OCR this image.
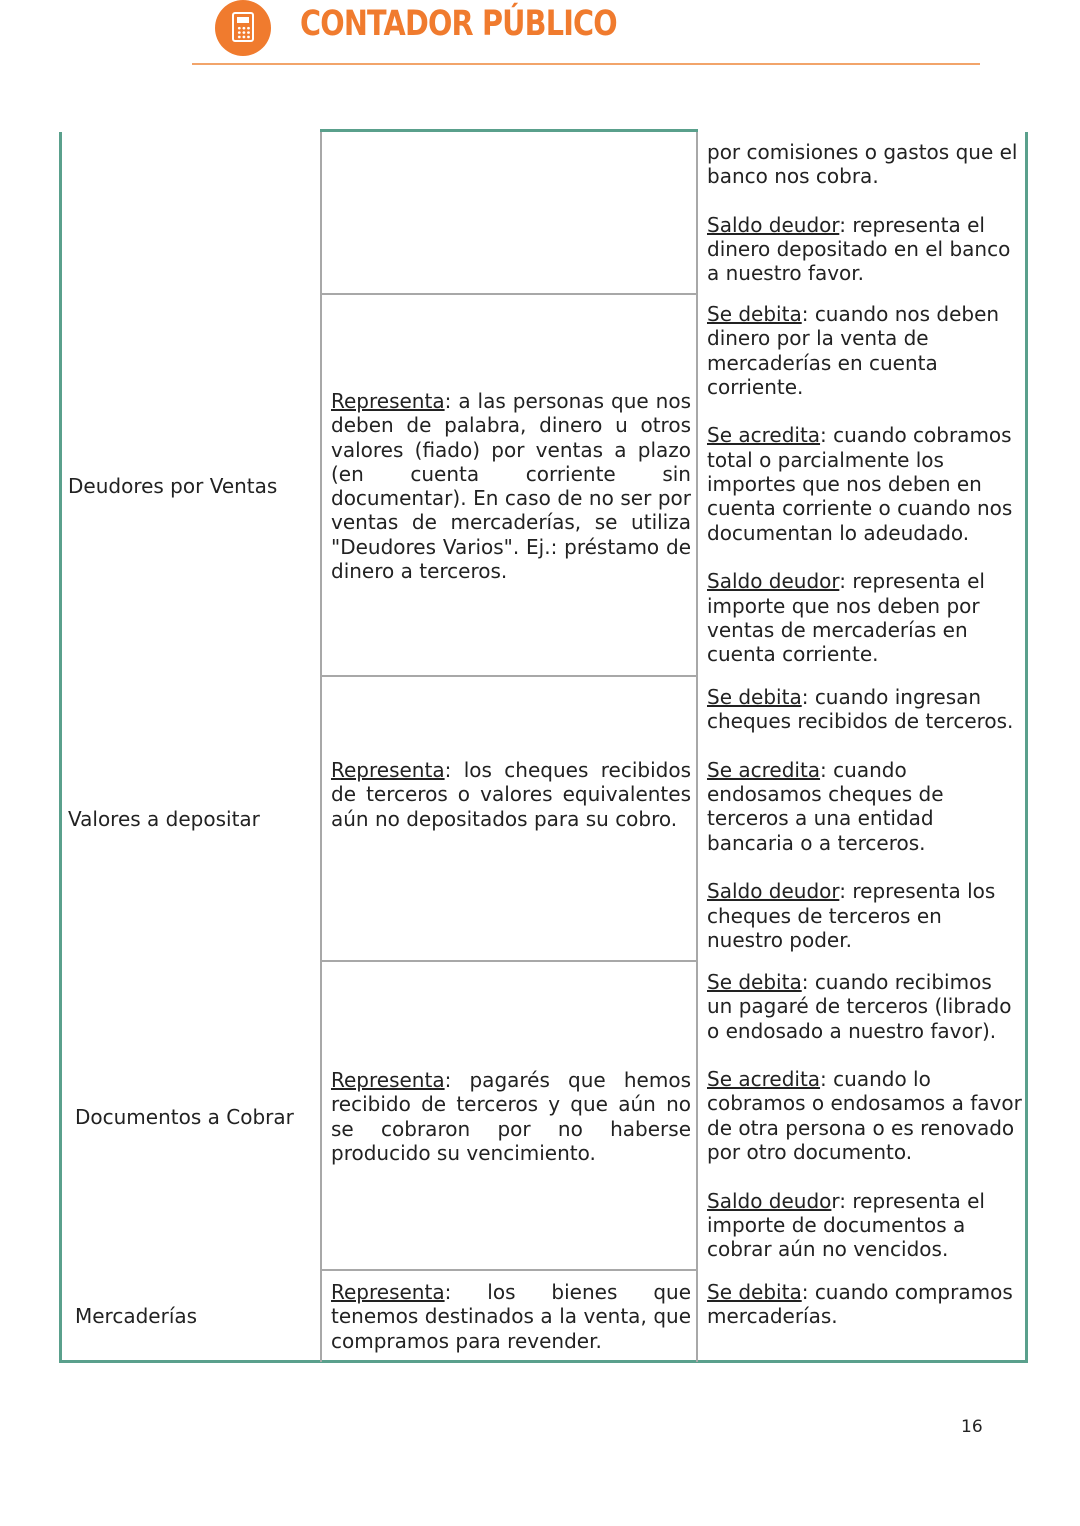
CONTADOR PÚBLICO

por comisiones o gastos que el banco nos cobra.

Saldo deudor: representa el dinero depositado en el banco a nuestro favor.

Deudores por Ventas
Representa: a las personas que nos deben de palabra, dinero u otros valores (fiado) por ventas a plazo (en cuenta corriente sin documentar). En caso de no ser por ventas de mercaderías, se utiliza "Deudores Varios". Ej.: préstamo de dinero a terceros.

Se debita: cuando nos deben dinero por la venta de mercaderías en cuenta corriente.

Se acredita: cuando cobramos total o parcialmente los importes que nos deben en cuenta corriente o cuando nos documentan lo adeudado.

Saldo deudor: representa el importe que nos deben por ventas de mercaderías en cuenta corriente.

Valores a depositar
Representa: los cheques recibidos de terceros o valores equivalentes aún no depositados para su cobro.

Se debita: cuando ingresan cheques recibidos de terceros.

Se acredita: cuando endosamos cheques de terceros a una entidad bancaria o a terceros.

Saldo deudor: representa los cheques de terceros en nuestro poder.

Documentos a Cobrar
Representa: pagarés que hemos recibido de terceros y que aún no se cobraron por no haberse producido su vencimiento.

Se debita: cuando recibimos un pagaré de terceros (librado o endosado a nuestro favor).

Se acredita: cuando lo cobramos o endosamos a favor de otra persona o es renovado por otro documento.

Saldo deudor: representa el importe de documentos a cobrar aún no vencidos.

Mercaderías
Representa: los bienes que tenemos destinados a la venta, que compramos para revender.

Se debita: cuando compramos mercaderías.

16
